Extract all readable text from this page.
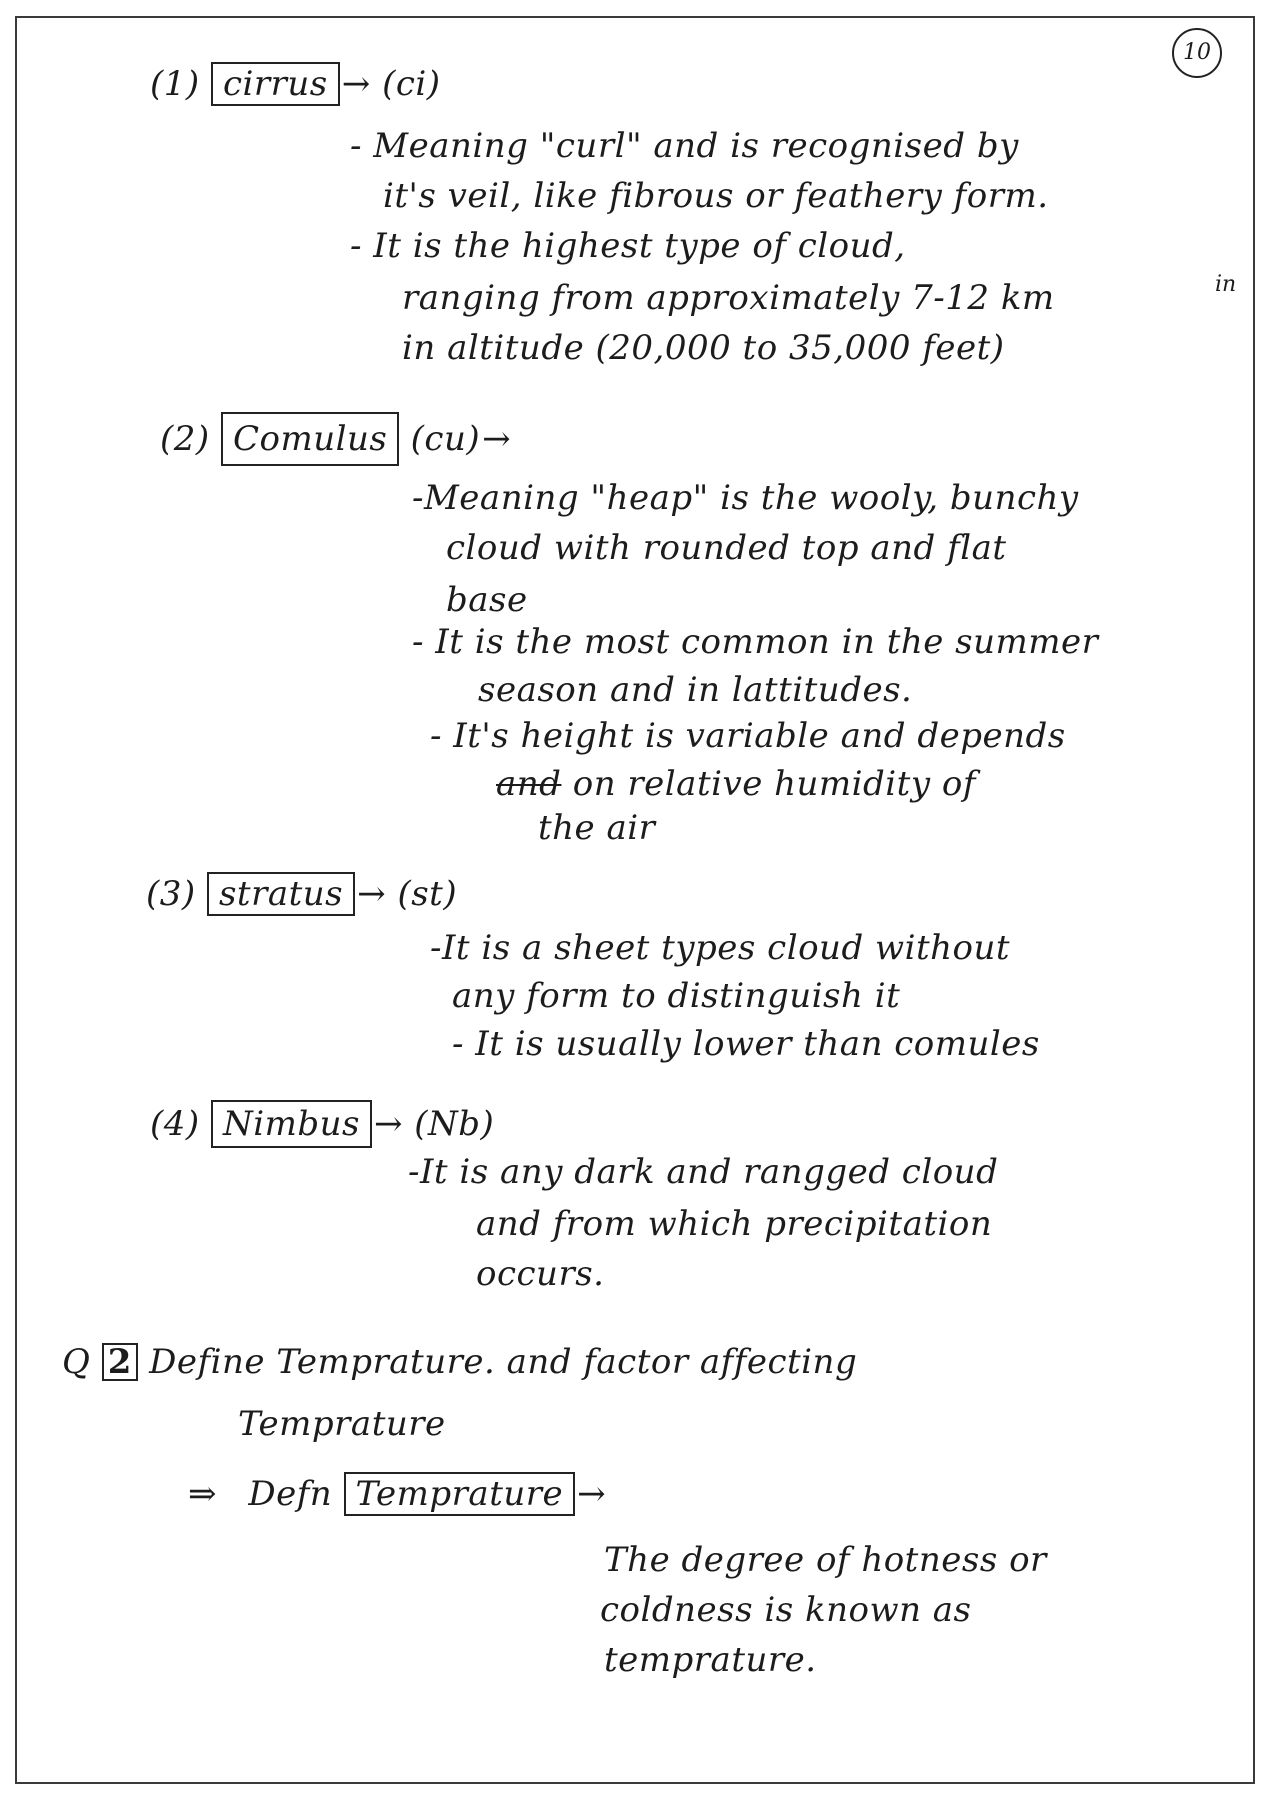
10
(1) cirrus → (ci)
- Meaning "curl" and is recognised by
it's veil, like fibrous or feathery form.
- It is the highest type of cloud,
ranging from approximately 7-12 km
in altitude (20,000 to 35,000 feet)
in
(2) Comulus (cu)→
-Meaning "heap" is the wooly, bunchy
cloud with rounded top and flat
base
- It is the most common in the summer
season and in lattitudes.
- It's height is variable and depends
and on relative humidity of
the air
(3) stratus → (st)
-It is a sheet types cloud without
any form to distinguish it
- It is usually lower than comules
(4) Nimbus → (Nb)
-It is any dark and rangged cloud
and from which precipitation
occurs.
Q 2 Define Temprature. and factor affecting
Temprature
⇒ Defn Temprature →
The degree of hotness or
coldness is known as
temprature.
